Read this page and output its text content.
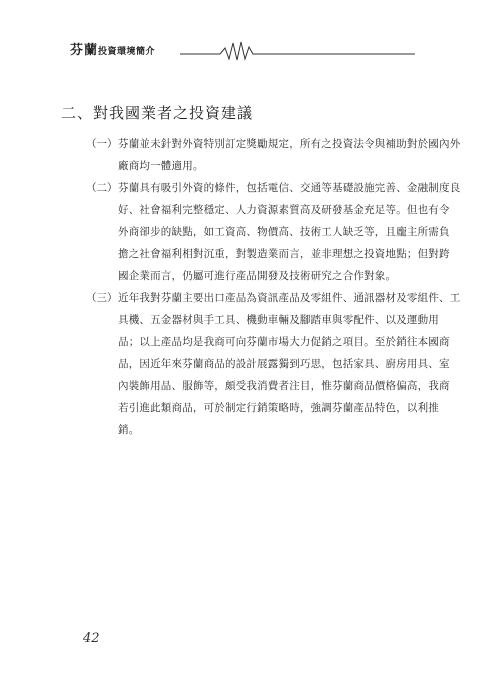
芬蘭投資環境簡介
二、對我國業者之投資建議
（一） 芬蘭並未針對外資特別訂定獎勵規定，所有之投資法令與補助對於國內外
廠商均一體適用。
（二） 芬蘭具有吸引外資的條件，包括電信、交通等基礎設施完善、金融制度良
好、社會福利完整穩定、人力資源素質高及研發基金充足等。但也有令
外商卻步的缺點，如工資高、物價高、技術工人缺乏等，且龐主所需負
擔之社會福利相對沉重，對製造業而言，並非理想之投資地點；但對跨
國企業而言，仍屬可進行產品開發及技術研究之合作對象。
（三） 近年我對芬蘭主要出口產品為資訊產品及零組件、通訊器材及零組件、工
具機、五金器材與手工具、機動車輛及腳踏車與零配件、以及運動用
品；以上產品均是我商可向芬蘭市場大力促銷之項目。至於銷往本國商
品，因近年來芬蘭商品的設計展露獨到巧思，包括家具、廚房用具、室
內裝飾用品、服飾等，頗受我消費者注目，惟芬蘭商品價格偏高，我商
若引進此類商品，可於制定行銷策略時，強調芬蘭產品特色，以利推
銷。
42
